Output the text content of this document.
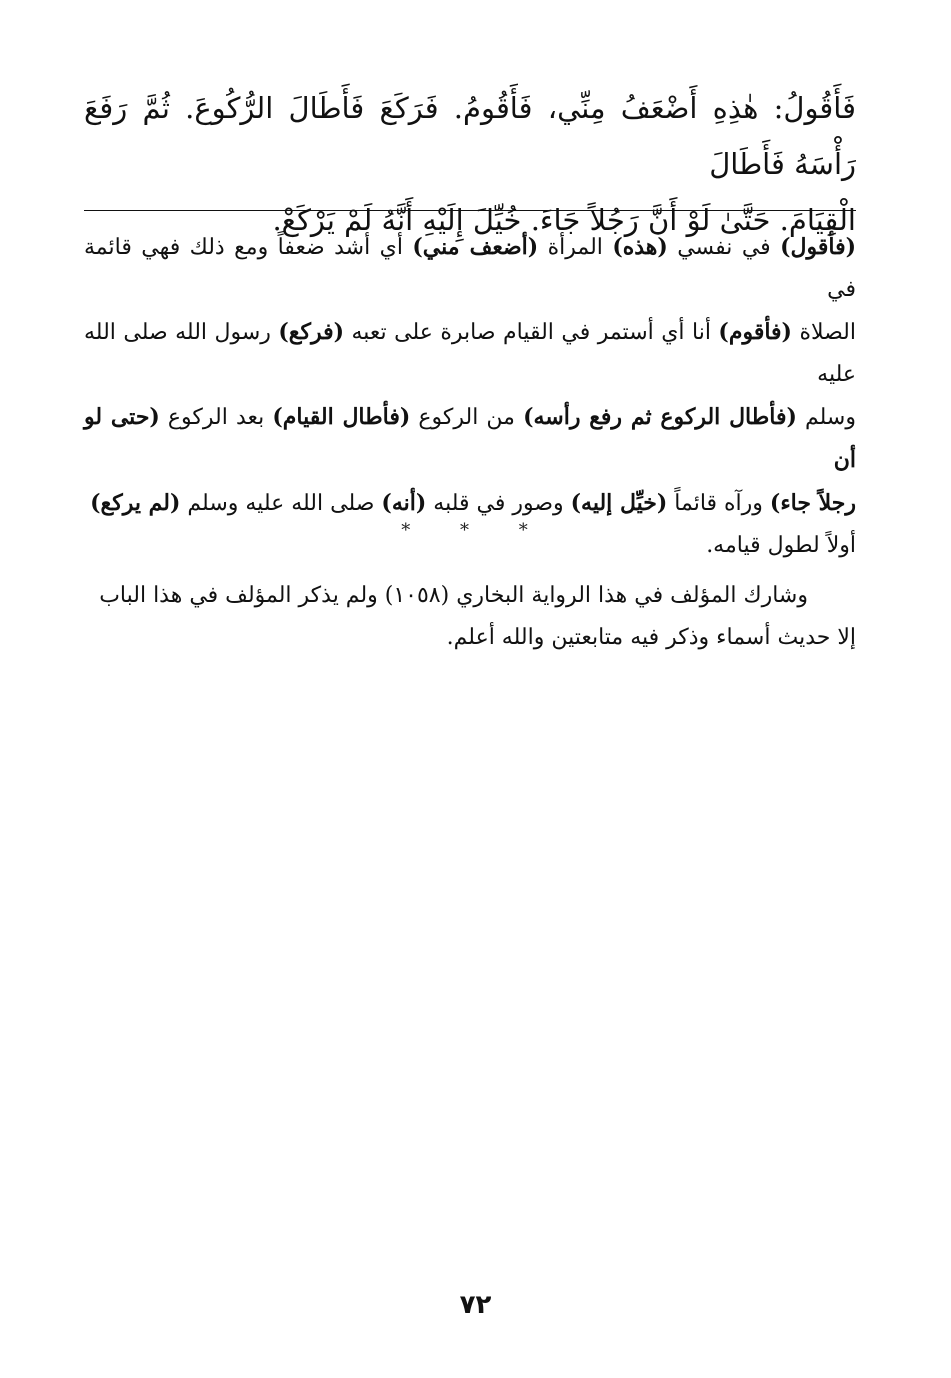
فَأَقُولُ: هٰذِهِ أَضْعَفُ مِنِّي، فَأَقُومُ. فَرَكَعَ فَأَطَالَ الرُّكُوعَ. ثُمَّ رَفَعَ رَأْسَهُ فَأَطَالَ
الْقِيَامَ. حَتَّىٰ لَوْ أَنَّ رَجُلاً جَاءَ. خُيِّلَ إِلَيْهِ أَنَّهُ لَمْ يَرْكَعْ.
(فأقول) في نفسي (هذه) المرأة (أضعف مني) أي أشد ضعفاً ومع ذلك فهي قائمة في
الصلاة (فأقوم) أنا أي أستمر في القيام صابرة على تعبه (فركع) رسول الله صلى الله عليه
وسلم (فأطال الركوع ثم رفع رأسه) من الركوع (فأطال القيام) بعد الركوع (حتى لو أن
رجلاً جاء) ورآه قائماً (خيِّل إليه) وصور في قلبه (أنه) صلى الله عليه وسلم (لم يركع)
أولاً لطول قيامه.
وشارك المؤلف في هذا الرواية البخاري (١٠٥٨) ولم يذكر المؤلف في هذا الباب
إلا حديث أسماء وذكر فيه متابعتين والله أعلم.
* * *
٧٢
